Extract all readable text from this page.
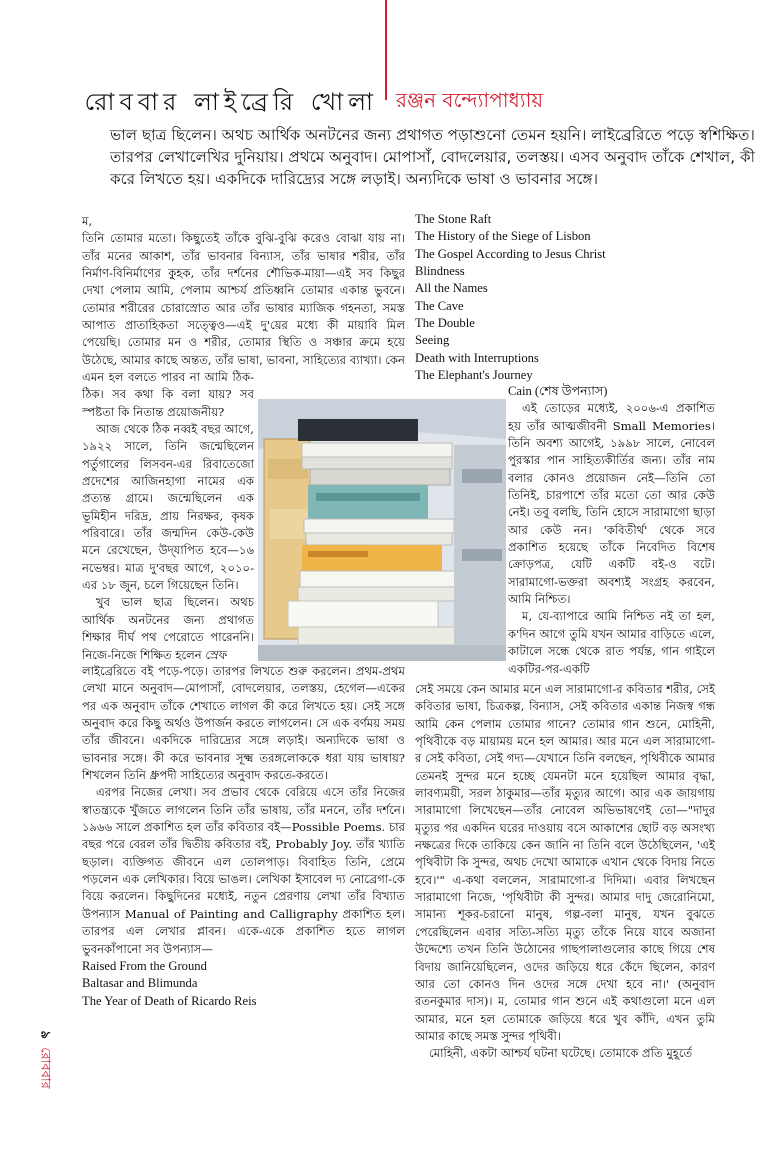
রোববার লাইব্রেরি খোলা রঞ্জন বন্দ্যোপাধ্যায়

ভাল ছাত্র ছিলেন। অথচ আর্থিক অনটনের জন্য প্রথাগত পড়াশুনো তেমন হয়নি। লাইব্রেরিতে পড়ে স্বশিক্ষিত। তারপর লেখালেখির দুনিয়ায়। প্রথমে অনুবাদ। মোপাসাঁ, বোদলেয়ার, তলস্তয়। এসব অনুবাদ তাঁকে শেখাল, কী করে লিখতে হয়। একদিকে দারিদ্র্যের সঙ্গে লড়াই। অন্যদিকে ভাষা ও ভাবনার সঙ্গে।

ম,

তিনি তোমার মতো। কিছুতেই তাঁকে বুঝি-বুঝি করেও বোঝা যায় না। তাঁর মনের আকাশ, তাঁর ভাবনার বিন্যাস, তাঁর ভাষার শরীর, তাঁর নির্মাণ-বিনির্মাণের কুহক, তাঁর দর্শনের শৌভিক-মায়া—এই সব কিছুর দেখা পেলাম আমি, পেলাম আশ্চর্য প্রতিধ্বনি তোমার একান্ত ভুবনে। তোমার শরীরের চোরাস্রোত আর তাঁর ভাষার ম্যাজিক গহনতা, সমস্ত আপাত প্রাতাহিকতা সত্ত্বেও—এই দু'য়ের মধ্যে কী মায়াবি মিল পেয়েছি। তোমার মন ও শরীর, তোমার স্থিতি ও সঞ্চার ক্রমে হয়ে উঠেছে, আমার কাছে অন্তত, তাঁর ভাষা, ভাবনা, সাহিত্যের ব্যাখ্যা। কেন

এমন হল বলতে পারব না আমি ঠিক-ঠিক। সব কথা কি বলা যায়? সব স্পষ্টতা কি নিতান্ত প্রয়োজনীয়?

আজ থেকে ঠিক নব্বই বছর আগে, ১৯২২ সালে, তিনি জন্মেছিলেন পর্তুগালের লিসবন-এর রিবাতেজো প্রদেশের আজিনহাগা নামের এক প্রত্যন্ত গ্রামে। জন্মেছিলেন এক ভূমিহীন দরিদ্র, প্রায় নিরক্ষর, কৃষক পরিবারে। তাঁর জন্মদিন কেউ-কেউ মনে রেখেছেন, উদ্‌যাপিত হবে—১৬ নভেম্বর। মাত্র দু'বছর আগে, ২০১০-এর ১৮ জুন, চলে গিয়েছেন তিনি।

খুব ভাল ছাত্র ছিলেন। অথচ আর্থিক অনটনের জন্য প্রথাগত শিক্ষার দীর্ঘ পথ পেরোতে পারেননি। নিজে-নিজে শিক্ষিত হলেন স্রেফ

লাইব্রেরিতে বই পড়ে-পড়ে। তারপর লিখতে শুরু করলেন। প্রথম-প্রথম লেখা মানে অনুবাদ—মোপাসাঁ, বোদলেয়ার, তলস্তয়, হেগেল—একের পর এক অনুবাদ তাঁকে শেখাতে লাগল কী করে লিখতে হয়। সেই সঙ্গে অনুবাদ করে কিছু অর্থও উপার্জন করতে লাগলেন। সে এক বর্ণময় সময় তাঁর জীবনে। একদিকে দারিদ্র্যের সঙ্গে লড়াই। অন্যদিকে ভাষা ও ভাবনার সঙ্গে। কী করে ভাবনার সূক্ষ্ম তরঙ্গলোককে ধরা যায় ভাষায়? শিখলেন তিনি ধ্রুপদী সাহিত্যের অনুবাদ করতে-করতে।

এরপর নিজের লেখা। সব প্রভাব থেকে বেরিয়ে এসে তাঁর নিজের স্বাতন্ত্র্যকে খুঁজতে লাগলেন তিনি তাঁর ভাষায়, তাঁর মননে, তাঁর দর্শনে। ১৯৬৬ সালে প্রকাশিত হল তাঁর কবিতার বই—Possible Poems. চার বছর পরে বেরল তাঁর দ্বিতীয় কবিতার বই, Probably Joy. তাঁর খ্যাতি ছড়াল। ব্যক্তিগত জীবনে এল তোলপাড়। বিবাহিত তিনি, প্রেমে পড়লেন এক লেখিকার। বিয়ে ভাঙল। লেখিকা ইসাবেল দ্য নোব্রেগা-কে বিয়ে করলেন। কিছুদিনের মধ্যেই, নতুন প্রেরণায় লেখা তাঁর বিখ্যাত উপন্যাস Manual of Painting and Calligraphy প্রকাশিত হল। তারপর এল লেখার প্লাবন। একে-একে প্রকাশিত হতে লাগল ভুবনকাঁপানো সব উপন্যাস—

Raised From the Ground
Baltasar and Blimunda
The Year of Death of Ricardo Reis
The Stone Raft
The History of the Siege of Lisbon
The Gospel According to Jesus Christ
Blindness
All the Names
The Cave
The Double
Seeing
Death with Interruptions
The Elephant's Journey

Cain (শেষ উপন্যাস)

এই তোড়ের মধ্যেই, ২০০৬-এ প্রকাশিত হয় তাঁর আত্মজীবনী Small Memories। তিনি অবশ্য আগেই, ১৯৯৮ সালে, নোবেল পুরস্কার পান সাহিত্যকীর্তির জন্য। তাঁর নাম বলার কোনও প্রয়োজন নেই—তিনি তো তিনিই, চারপাশে তাঁর মতো তো আর কেউ নেই। তবু বলছি, তিনি হোসে সারামাগো ছাড়া আর কেউ নন। 'কবিতীর্থ' থেকে সবে প্রকাশিত হয়েছে তাঁকে নিবেদিত বিশেষ ক্রোড়পত্র, যেটি একটি বই-ও বটে। সারামাগো-ভক্তরা অবশ্যই সংগ্রহ করবেন, আমি নিশ্চিত।

ম, যে-ব্যাপারে আমি নিশ্চিত নই তা হল, ক'দিন আগে তুমি যখন আমার বাড়িতে এলে, কাটালে সন্ধে থেকে রাত পর্যন্ত, গান গাইলে একটির-পর-একটি

সেই সময়ে কেন আমার মনে এল সারামাগো-র কবিতার শরীর, সেই কবিতার ভাষা, চিত্রকল্প, বিন্যাস, সেই কবিতার একান্ত নিজস্ব গন্ধ আমি কেন পেলাম তোমার গানে? তোমার গান শুনে, মোহিনী, পৃথিবীকে বড় মায়াময় মনে হল আমার। আর মনে এল সারামাগো-র সেই কবিতা, সেই গদ্য—যেখানে তিনি বলছেন, পৃথিবীকে আমার তেমনই সুন্দর মনে হচ্ছে যেমনটা মনে হয়েছিল আমার বৃদ্ধা, লাবণ্যময়ী, সরল ঠাকুমার—তাঁর মৃত্যুর আগে। আর এক জায়গায় সারামাগো লিখেছেন—তাঁর নোবেল অভিভাষণেই তো—"দাদুর মৃত্যুর পর একদিন ঘরের দাওয়ায় বসে আকাশের ছোট বড় অসংখ্য নক্ষত্রের দিকে তাকিয়ে কেন জানি না তিনি বলে উঠেছিলেন, 'এই পৃথিবীটা কি সুন্দর, অথচ দেখো আমাকে এখান থেকে বিদায় নিতে হবে।'" এ-কথা বললেন, সারামাগো-র দিদিমা। এবার লিখছেন সারামাগো নিজে, 'পৃথিবীটা কী সুন্দর। আমার দাদু জেরোনিমো, সামান্য শূকর-চরানো মানুষ, গল্প-বলা মানুষ, যখন বুঝতে পেরেছিলেন এবার সত্যি-সত্যি মৃত্যু তাঁকে নিয়ে যাবে অজানা উদ্দেশ্যে তখন তিনি উঠোনের গাছপালাগুলোর কাছে গিয়ে শেষ বিদায় জানিয়েছিলেন, ওদের জড়িয়ে ধরে কেঁদে ছিলেন, কারণ আর তো কোনও দিন ওদের সঙ্গে দেখা হবে না।' (অনুবাদ রতনকুমার দাস)। ম, তোমার গান শুনে এই কথাগুলো মনে এল আমার, মনে হল তোমাকে জড়িয়ে ধরে খুব কাঁদি, এখন তুমি আমার কাছে সমস্ত সুন্দর পৃথিবী।

মোহিনী, একটা আশ্চর্য ঘটনা ঘটেছে। তোমাকে প্রতি মুহূর্তে

৯  রোববার
